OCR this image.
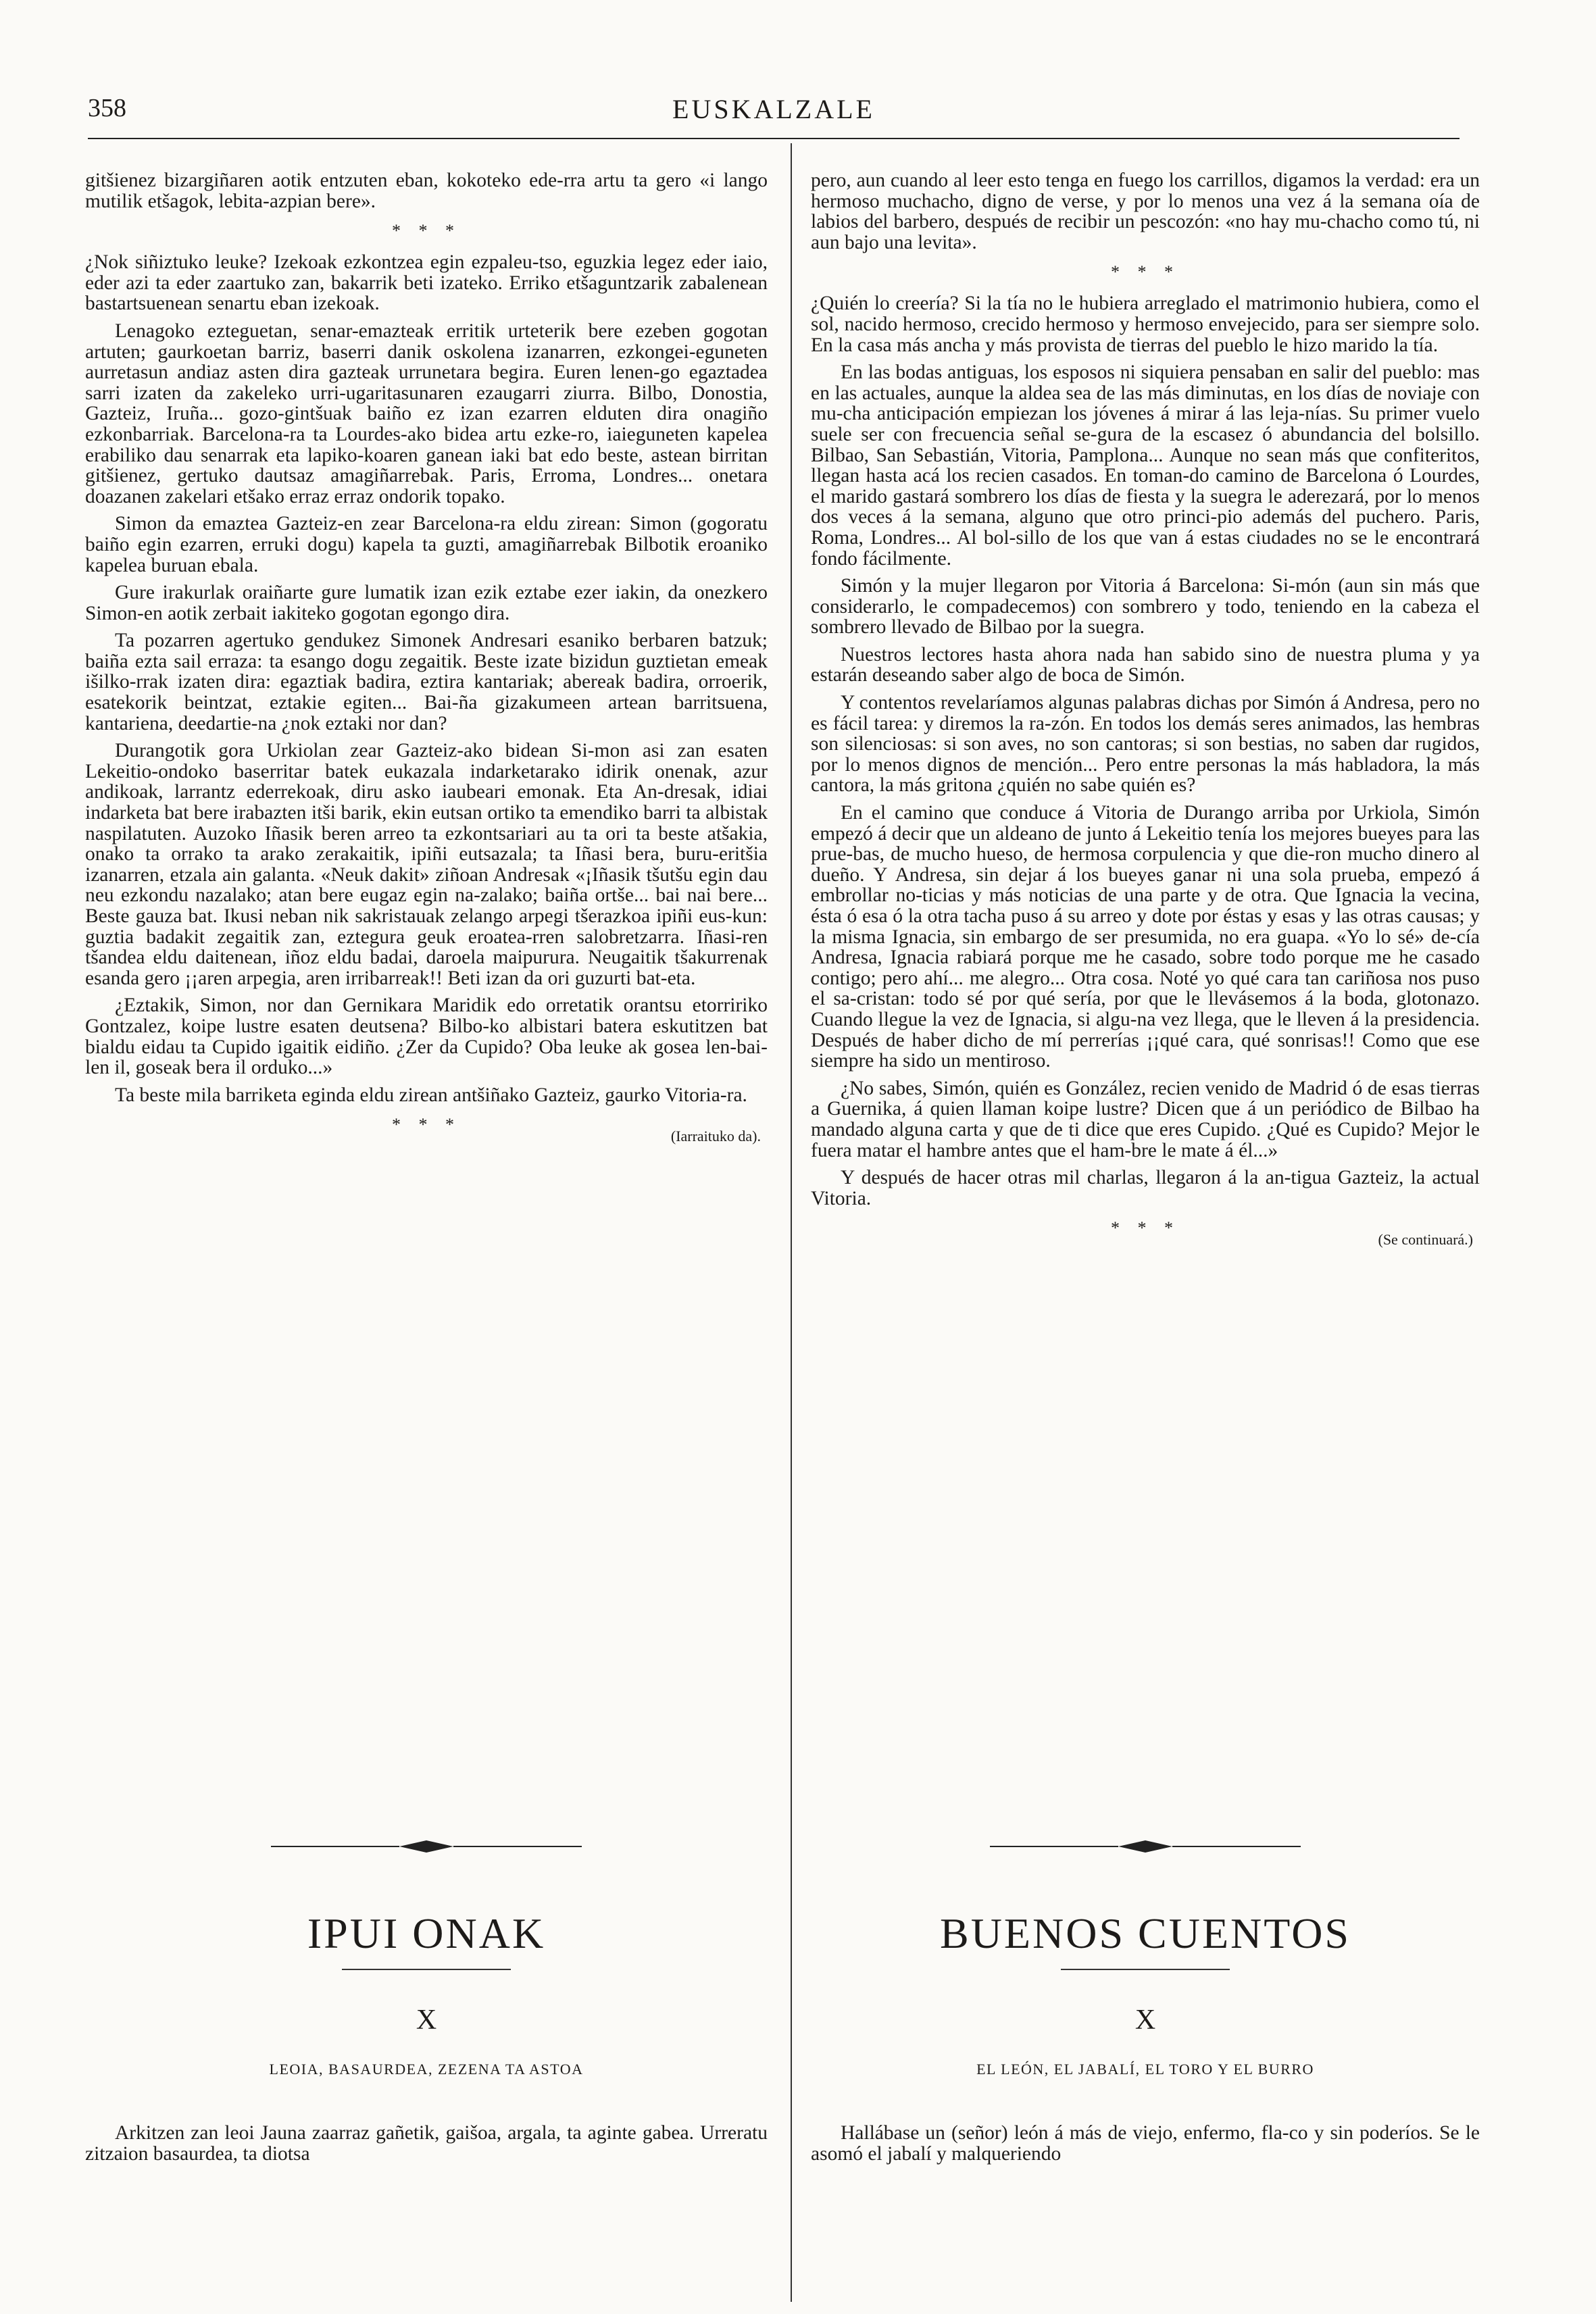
358	EUSKALZALE

gitšienez bizargiñaren aotik entzuten eban, kokoteko ede-rra artu ta gero «i lango mutilik etšagok, lebita-azpian bere».

* * *

¿Nok siñiztuko leuke? Izekoak ezkontzea egin ezpaleu-tso, eguzkia legez eder iaio, eder azi ta eder zaartuko zan, bakarrik beti izateko. Erriko etšaguntzarik zabalenean bastartsuenean senartu eban izekoak.

Lenagoko ezteguetan, senar-emazteak erritik urteterik bere ezeben gogotan artuten; gaurkoetan barriz, baserri danik oskolena izanarren, ezkongei-eguneten aurretasun andiaz asten dira gazteak urrunetara begira. Euren lenen-go egaztadea sarri izaten da zakeleko urri-ugaritasunaren ezaugarri ziurra. Bilbo, Donostia, Gazteiz, Iruña... gozo-gintšuak baiño ez izan ezarren elduten dira onagiño ezkonbarriak. Barcelona-ra ta Lourdes-ako bidea artu ezke-ro, iaieguneten kapelea erabiliko dau senarrak eta lapiko-koaren ganean iaki bat edo beste, astean birritan gitšienez, gertuko dautsaz amagiñarrebak. Paris, Erroma, Londres... onetara doazanen zakelari etšako erraz erraz ondorik topako.

Simon da emaztea Gazteiz-en zear Barcelona-ra eldu zirean: Simon (gogoratu baiño egin ezarren, erruki dogu) kapela ta guzti, amagiñarrebak Bilbotik eroaniko kapelea buruan ebala.

Gure irakurlak oraiñarte gure lumatik izan ezik eztabe ezer iakin, da onezkero Simon-en aotik zerbait iakiteko gogotan egongo dira.

Ta pozarren agertuko gendukez Simonek Andresari esaniko berbaren batzuk; baiña ezta sail erraza: ta esango dogu zegaitik. Beste izate bizidun guztietan emeak išilko-rrak izaten dira: egaztiak badira, eztira kantariak; abereak badira, orroerik, esatekorik beintzat, eztakie egiten... Bai-ña gizakumeen artean barritsuena, kantariena, deedartie-na ¿nok eztaki nor dan?

Durangotik gora Urkiolan zear Gazteiz-ako bidean Si-mon asi zan esaten Lekeitio-ondoko baserritar batek eukazala indarketarako idirik onenak, azur andikoak, larrantz ederrekoak, diru asko iaubeari emonak. Eta An-dresak, idiai indarketa bat bere irabazten itši barik, ekin eutsan ortiko ta emendiko barri ta albistak naspilatuten. Auzoko Iñasik beren arreo ta ezkontsariari au ta ori ta beste atšakia, onako ta orrako ta arako zerakaitik, ipiñi eutsazala; ta Iñasi bera, buru-eritšia izanarren, etzala ain galanta. «Neuk dakit» ziñoan Andresak «¡Iñasik tšutšu egin dau neu ezkondu nazalako; atan bere eugaz egin na-zalako; baiña ortše... bai nai bere... Beste gauza bat. Ikusi neban nik sakristauak zelango arpegi tšerazkoa ipiñi eus-kun: guztia badakit zegaitik zan, eztegura geuk eroatea-rren salobretzarra. Iñasi-ren tšandea eldu daitenean, iñoz eldu badai, daroela maipurura. Neugaitik tšakurrenak esanda gero ¡¡aren arpegia, aren irribarreak!! Beti izan da ori guzurti bat-eta.

¿Eztakik, Simon, nor dan Gernikara Maridik edo orretatik orantsu etorririko Gontzalez, koipe lustre esaten deutsena? Bilbo-ko albistari batera eskutitzen bat bialdu eidau ta Cupido igaitik eidiño. ¿Zer da Cupido? Oba leuke ak gosea len-bai-len il, goseak bera il orduko...»

Ta beste mila barriketa eginda eldu zirean antšiñako Gazteiz, gaurko Vitoria-ra.

* * *
(Iarraituko da).

pero, aun cuando al leer esto tenga en fuego los carrillos, digamos la verdad: era un hermoso muchacho, digno de verse, y por lo menos una vez á la semana oía de labios del barbero, después de recibir un pescozón: «no hay mu-chacho como tú, ni aun bajo una levita».

* * *

¿Quién lo creería? Si la tía no le hubiera arreglado el matrimonio hubiera, como el sol, nacido hermoso, crecido hermoso y hermoso envejecido, para ser siempre solo. En la casa más ancha y más provista de tierras del pueblo le hizo marido la tía.

En las bodas antiguas, los esposos ni siquiera pensaban en salir del pueblo: mas en las actuales, aunque la aldea sea de las más diminutas, en los días de noviaje con mu-cha anticipación empiezan los jóvenes á mirar á las leja-nías. Su primer vuelo suele ser con frecuencia señal se-gura de la escasez ó abundancia del bolsillo. Bilbao, San Sebastián, Vitoria, Pamplona... Aunque no sean más que confiteritos, llegan hasta acá los recien casados. En toman-do camino de Barcelona ó Lourdes, el marido gastará sombrero los días de fiesta y la suegra le aderezará, por lo menos dos veces á la semana, alguno que otro princi-pio además del puchero. Paris, Roma, Londres... Al bol-sillo de los que van á estas ciudades no se le encontrará fondo fácilmente.

Simón y la mujer llegaron por Vitoria á Barcelona: Si-món (aun sin más que considerarlo, le compadecemos) con sombrero y todo, teniendo en la cabeza el sombrero llevado de Bilbao por la suegra.

Nuestros lectores hasta ahora nada han sabido sino de nuestra pluma y ya estarán deseando saber algo de boca de Simón.

Y contentos revelaríamos algunas palabras dichas por Simón á Andresa, pero no es fácil tarea: y diremos la ra-zón. En todos los demás seres animados, las hembras son silenciosas: si son aves, no son cantoras; si son bestias, no saben dar rugidos, por lo menos dignos de mención... Pero entre personas la más habladora, la más cantora, la más gritona ¿quién no sabe quién es?

En el camino que conduce á Vitoria de Durango arriba por Urkiola, Simón empezó á decir que un aldeano de junto á Lekeitio tenía los mejores bueyes para las prue-bas, de mucho hueso, de hermosa corpulencia y que die-ron mucho dinero al dueño. Y Andresa, sin dejar á los bueyes ganar ni una sola prueba, empezó á embrollar no-ticias y más noticias de una parte y de otra. Que Ignacia la vecina, ésta ó esa ó la otra tacha puso á su arreo y dote por éstas y esas y las otras causas; y la misma Ignacia, sin embargo de ser presumida, no era guapa. «Yo lo sé» de-cía Andresa, Ignacia rabiará porque me he casado, sobre todo porque me he casado contigo; pero ahí... me alegro... Otra cosa. Noté yo qué cara tan cariñosa nos puso el sa-cristan: todo sé por qué sería, por que le llevásemos á la boda, glotonazo. Cuando llegue la vez de Ignacia, si algu-na vez llega, que le lleven á la presidencia. Después de haber dicho de mí perrerías ¡¡qué cara, qué sonrisas!! Como que ese siempre ha sido un mentiroso.

¿No sabes, Simón, quién es González, recien venido de Madrid ó de esas tierras a Guernika, á quien llaman koipe lustre? Dicen que á un periódico de Bilbao ha mandado alguna carta y que de ti dice que eres Cupido. ¿Qué es Cupido? Mejor le fuera matar el hambre antes que el ham-bre le mate á él...»

Y después de hacer otras mil charlas, llegaron á la an-tigua Gazteiz, la actual Vitoria.

* * *
(Se continuará.)
IPUI ONAK
X
LEOIA, BASAURDEA, ZEZENA TA ASTOA

Arkitzen zan leoi Jauna zaarraz gañetik, gaišoa, argala, ta aginte gabea. Urreratu zitzaion basaurdea, ta diotsa

BUENOS CUENTOS
X
EL LEÓN, EL JABALÍ, EL TORO Y EL BURRO

Hallábase un (señor) león á más de viejo, enfermo, fla-co y sin poderíos. Se le asomó el jabalí y malqueriendo
